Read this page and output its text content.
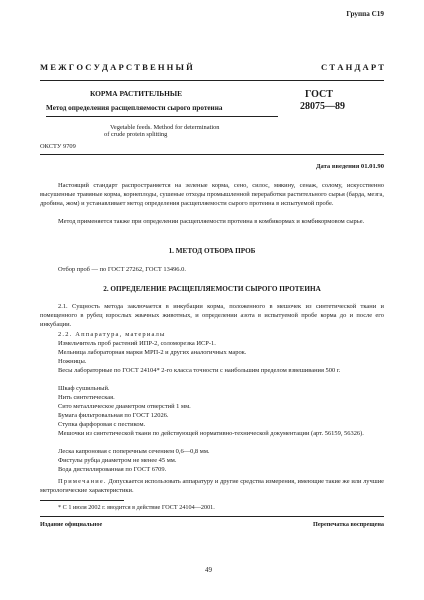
Группа С19
М Е Ж Г О С У Д А Р С Т В Е Н Н Ы Й	С Т А Н Д А Р Т
КОРМА РАСТИТЕЛЬНЫЕ
Метод определения расщепляемости сырого протеина
ГОСТ
28075—89
Vegetable feeds. Method for determination
of crude protein splitting
ОКСТУ 9709
Дата введения 01.01.90
Настоящий стандарт распространяется на зеленые корма, сено, силос, мякину, сенаж, солому, искусственно высушенные травяные корма, корнеплоды, сушеные отходы промышленной переработки растительного сырья (барда, мезга, дробина, жом) и устанавливает метод определения расщепляемости сырого протеина в испытуемой пробе.
Метод применяется также при определении расщепляемости протеина в комбикормах и комбикормовом сырье.
1. МЕТОД ОТБОРА ПРОБ
Отбор проб — по ГОСТ 27262, ГОСТ 13496.0.
2. ОПРЕДЕЛЕНИЕ РАСЩЕПЛЯЕМОСТИ СЫРОГО ПРОТЕИНА
2.1. Сущность метода заключается в инкубации корма, положенного в мешочек из синтетической ткани и помещенного в рубец взрослых жвачных животных, и определении азота в испытуемой пробе корма до и после его инкубации.
2.2. Аппаратура, материалы
Измельчитель проб растений ИПР-2, соломорезка ИСР-1.
Мельница лабораторная марки МРП-2 и других аналогичных марок.
Ножницы.
Весы лабораторные по ГОСТ 24104* 2-го класса точности с наибольшим пределом взвешивания 500 г.
Шкаф сушильный.
Нить синтетическая.
Сито металлическое диаметром отверстий 1 мм.
Бумага фильтровальная по ГОСТ 12026.
Ступка фарфоровая с пестиком.
Мешочки из синтетической ткани по действующей нормативно-технической документации (арт. 56159, 56326).
Леска капроновая с поперечным сечением 0,6—0,8 мм.
Фистулы рубца диаметром не менее 45 мм.
Вода дистиллированная по ГОСТ 6709.
Примечание. Допускается использовать аппаратуру и другие средства измерения, имеющие такие же или лучшие метрологические характеристики.
* С 1 июля 2002 г. вводится в действие ГОСТ 24104—2001.
Издание официальное	Перепечатка воспрещена
49
